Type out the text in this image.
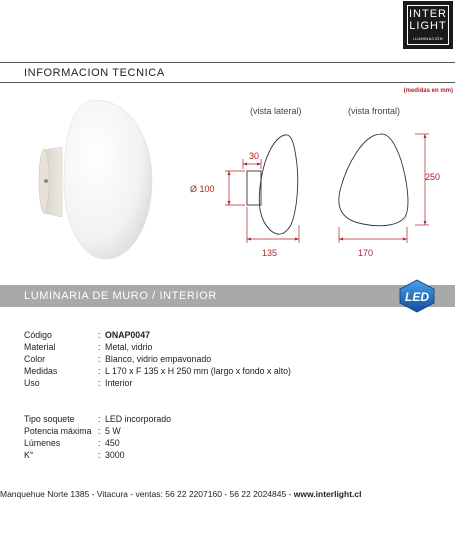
INTER
LIGHT
ILUMINACIÓN
INFORMACION TECNICA
(medidas en mm)
(vista lateral)
30
Ø 100
135
(vista frontal)
250
170
LUMINARIA DE MURO / INTERIOR	LED
Código	: ONAP0047
Material	: Metal, vidrio
Color	: Blanco, vidrio empavonado
Medidas	: L 170 x F 135 x H 250 mm (largo x fondo x alto)
Uso	: Interior
Tipo soquete	: LED incorporado
Potencia máxima : 5 W
Lúmenes	: 450
K°	: 3000
Manquehue Norte 1385 - Vitacura - ventas: 56 22 2207160 - 56 22 2024845 - www.interlight.cl
